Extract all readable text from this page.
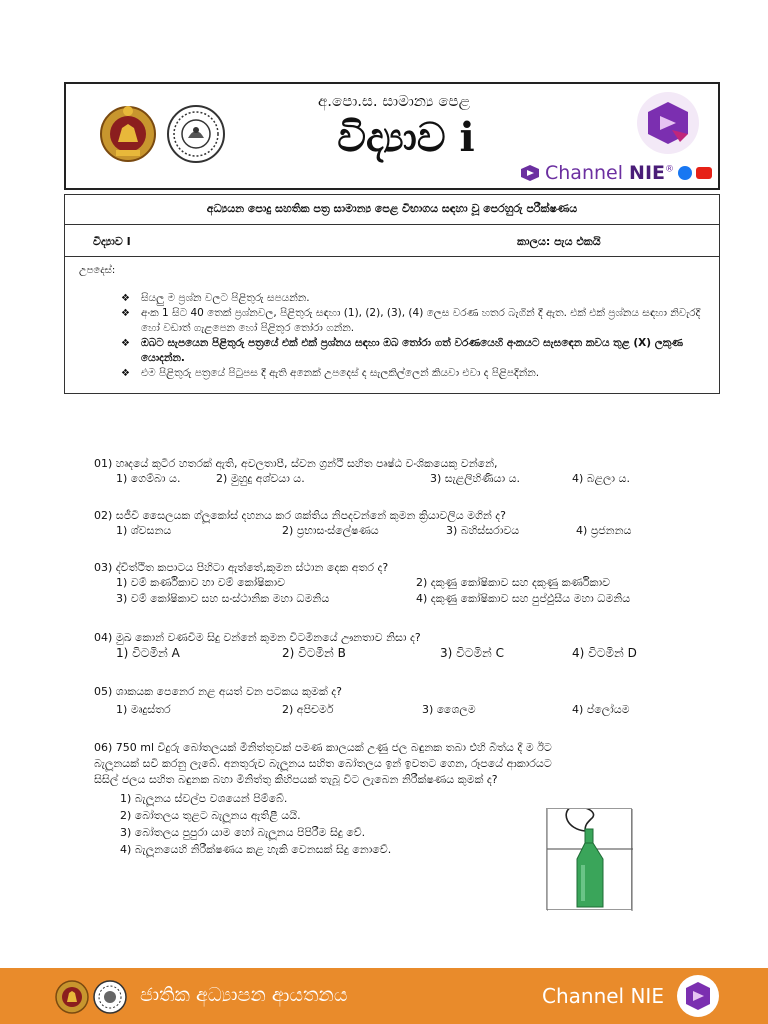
අ.පො.ස. සාමාන්‍ය පෙළ
විද්‍යාව i
Channel NIE®
අධ්‍යයන පොදු සහතික පත්‍ර සාමාන්‍ය පෙළ විභාගය සඳහා වූ පෙරහුරු පරීක්ෂණය
විද්‍යාව I	කාලය: පැය එකයි
උපදෙස්:
❖ සියලු ම ප්‍රශ්න වලට පිළිතුරු සපයන්න.
❖ අංක 1 සිට 40 තෙක් ප්‍රශ්නවල, පිළිතුරු සඳහා (1), (2), (3), (4) ලෙස වරණ හතර බැගින් දී ඇත. එක් එක් ප්‍රශ්නය සඳහා නිවැරදි හෝ වඩාත් ගැළපෙන හෝ පිළිතුර තෝරා ගන්න.
❖ ඔබට සැපයෙන පිළිතුරු පත්‍රයේ එක් එක් ප්‍රශ්නය සඳහා ඔබ තෝරා ගත් වරණයෙහි අංකයට සැසඳෙන කවය තුළ (X) ලකුණ යොදන්න.
❖ එම පිළිතුරු පත්‍රයේ පිටුපස දී ඇති අනෙක් උපදෙස් ද සැලකිල්ලෙන් කියවා එවා ද පිළිපදින්න.
01) හෘදයේ කුටීර හතරක් ඇති, අවලතාපී, ස්වන ග්‍රන්ථි සහිත පෘෂ්ඨ වංශිකයෙකු වන්නේ,
1) ගෙම්බා ය.	2) මුහුදු අශ්වයා ය.	3) සැළලිහිණියා ය.	4) බළලා ය.
02) සජීවී සෛලයක ග්ලූකෝස් දහනය කර ශක්තිය නිපදවන්නේ කුමන ක්‍රියාවලිය මගින් ද?
1) ශ්වසනය	2) ප්‍රභාසංස්ලේෂණය	3) බහිස්සරාවය	4) ප්‍රජනනය
03) ද්විත්ථිත කපාටය පිහිටා ඇත්තේ,කුමන ස්ථාන දෙක අතර ද?
1) වම් කර්ණිකාව හා වම් කෝෂිකාව	2) දකුණු කෝෂිකාව සහ දකුණු කර්ණිකාව
3) වම් කෝෂිකාව සහ සංස්ථානික මහා ධමනිය	4) දකුණු කෝෂිකාව සහ පුප්ඵුසීය මහා ධමනිය
04) මුඛ කොන් වණවීම සිදු වන්නේ කුමන විටමිනයේ ඌනතාව නිසා ද?
1) විටමින් A	2) විටමින් B	3) විටමින් C	4) විටමින් D
05) ශාකයක පෙනෙර නළ අයත් වන පටකය කුමක් ද?
1) මෘදුස්තර	2) අපිචර්ම	3) ශෛලම	4) ප්ලෝයම
06) 750 ml වීදුරු බෝතලයක් මිනිත්තුවක් පමණ කාලයක් උණු ජල බඳුනක තබා එහි බිත්ය දී ම ඊට
බැලූනයක් සවි කරනු ලැබේ. අනතුරුව බැලූනය සහිත බෝතලය ඉන් ඉවතට ගෙන, රූපයේ ආකාරයට
සිසිල් ජලය සහිත බඳුනක බහා මිනිත්තු කිහිපයක් තැබූ විට ලැබෙන නිරීක්ෂණය කුමක් ද?
1) බැලූනය ස්වල්ප වශයෙන් පිම්බේ.
2) බෝතලය තුළට බැලූනය ඇතිළී යයි.
3) බෝතලය පුපුරා යාම හෝ බැලූනය පිපිරීම සිදු වේ.
4) බැලූනයෙහි නිරීක්ෂණය කළ හැකි වෙනසක් සිදු නොවේ.
ජාතික අධ්‍යාපන ආයතනය	Channel NIE
